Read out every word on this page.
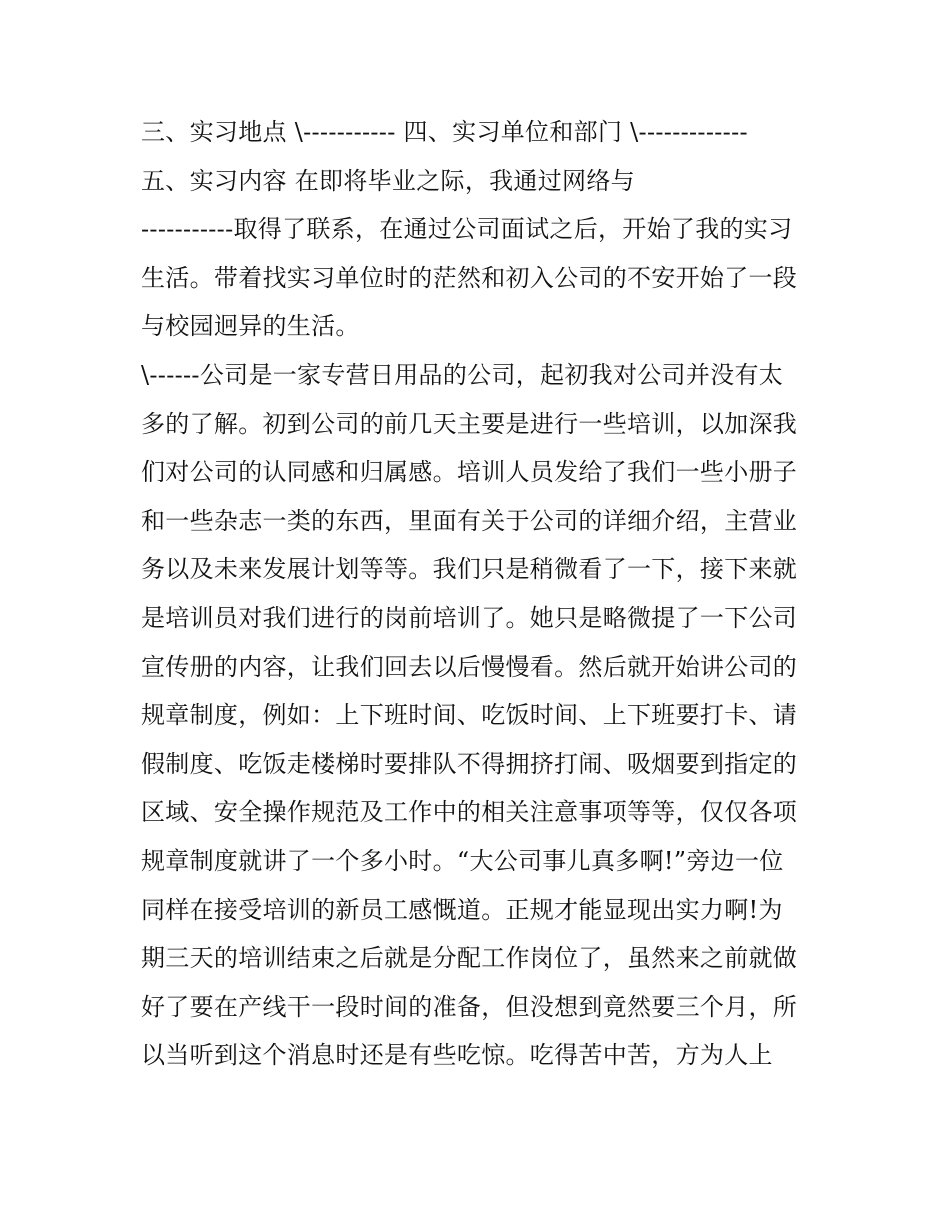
三、实习地点 \----------- 四、实习单位和部门 \-------------
五、实习内容 在即将毕业之际，我通过网络与
-----------取得了联系，在通过公司面试之后，开始了我的实习
生活。带着找实习单位时的茫然和初入公司的不安开始了一段
与校园迥异的生活。
\------公司是一家专营日用品的公司，起初我对公司并没有太
多的了解。初到公司的前几天主要是进行一些培训，以加深我
们对公司的认同感和归属感。培训人员发给了我们一些小册子
和一些杂志一类的东西，里面有关于公司的详细介绍，主营业
务以及未来发展计划等等。我们只是稍微看了一下，接下来就
是培训员对我们进行的岗前培训了。她只是略微提了一下公司
宣传册的内容，让我们回去以后慢慢看。然后就开始讲公司的
规章制度，例如：上下班时间、吃饭时间、上下班要打卡、请
假制度、吃饭走楼梯时要排队不得拥挤打闹、吸烟要到指定的
区域、安全操作规范及工作中的相关注意事项等等，仅仅各项
规章制度就讲了一个多小时。“大公司事儿真多啊!”旁边一位
同样在接受培训的新员工感慨道。正规才能显现出实力啊!为
期三天的培训结束之后就是分配工作岗位了，虽然来之前就做
好了要在产线干一段时间的准备，但没想到竟然要三个月，所
以当听到这个消息时还是有些吃惊。吃得苦中苦，方为人上
